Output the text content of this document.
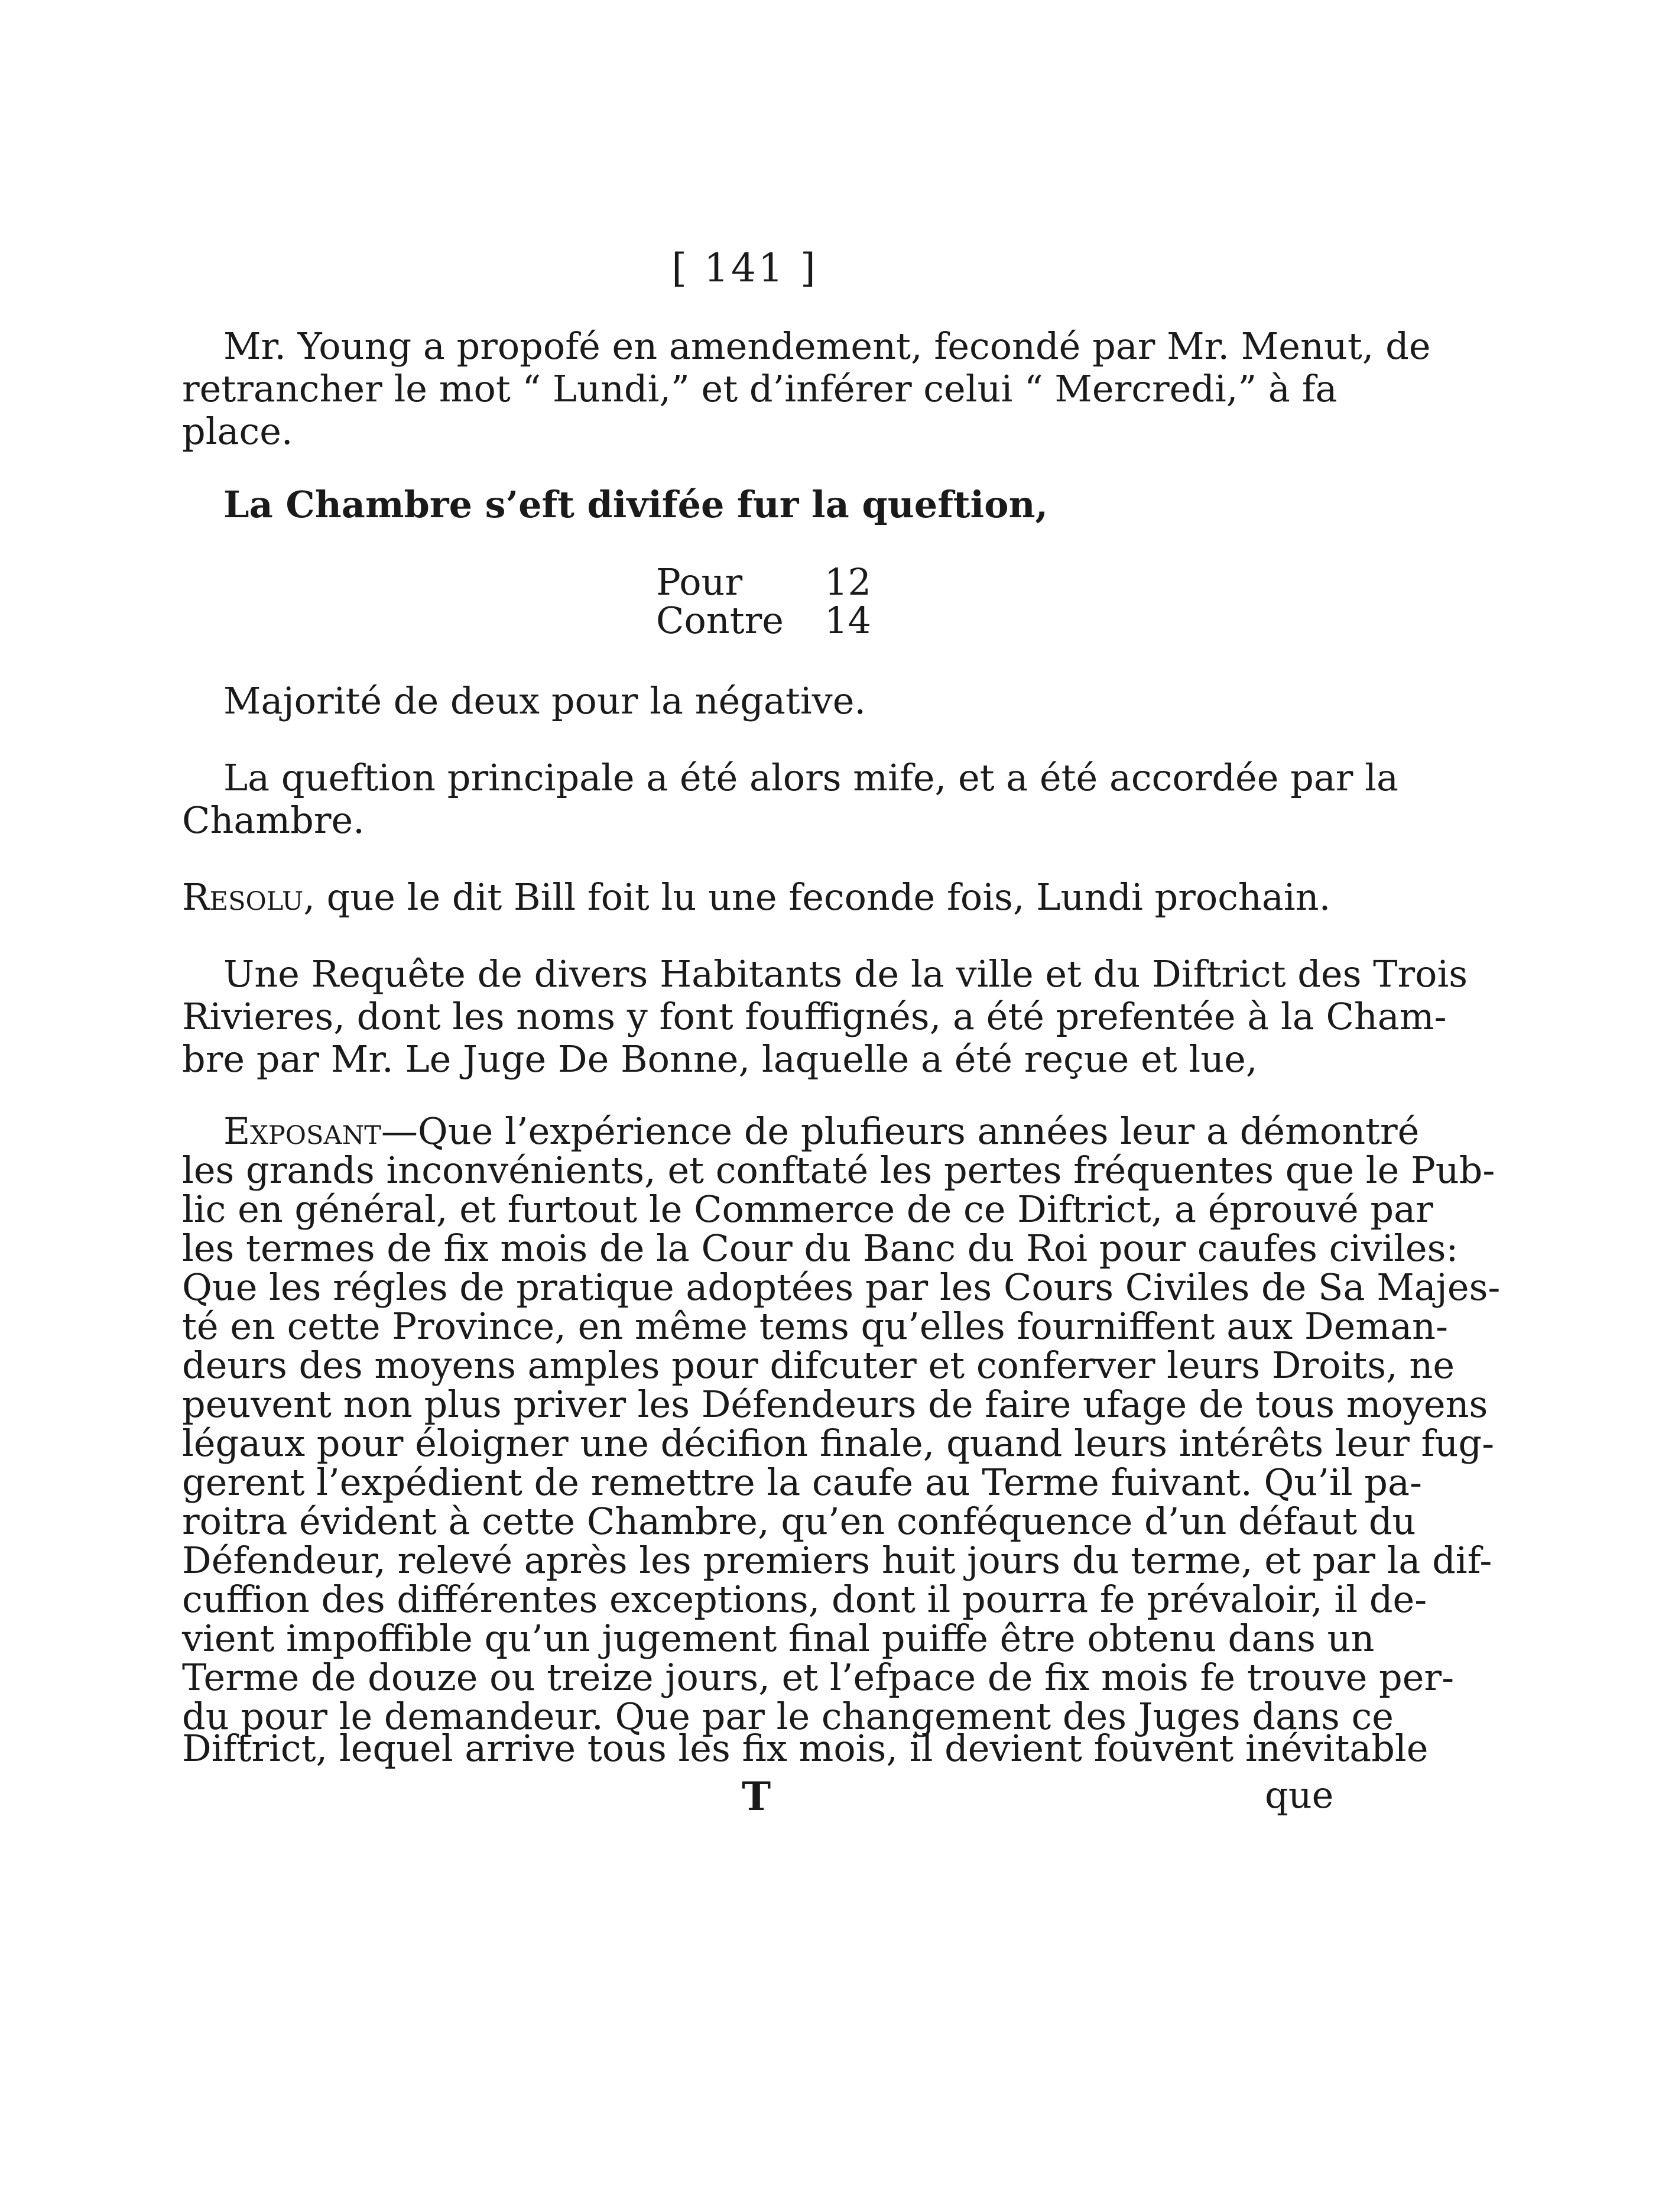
[ 141 ]
Mr. Young a propofé en amendement, fecondé par Mr. Menut, de
retrancher le mot “ Lundi,” et d’inférer celui “ Mercredi,” à fa
place.
La Chambre s’eft divifée fur la queftion,
Pour 12
Contre 14
Majorité de deux pour la négative.
La queftion principale a été alors mife, et a été accordée par la
Chambre.
Resolu, que le dit Bill foit lu une feconde fois, Lundi prochain.
Une Requête de divers Habitants de la ville et du Diftrict des Trois
Rivieres, dont les noms y font fouffignés, a été prefentée à la Cham-
bre par Mr. Le Juge De Bonne, laquelle a été reçue et lue,
Exposant—Que l’expérience de plufieurs années leur a démontré
les grands inconvénients, et conftaté les pertes fréquentes que le Pub-
lic en général, et furtout le Commerce de ce Diftrict, a éprouvé par
les termes de fix mois de la Cour du Banc du Roi pour caufes civiles:
Que les régles de pratique adoptées par les Cours Civiles de Sa Majes-
té en cette Province, en même tems qu’elles fourniffent aux Deman-
deurs des moyens amples pour difcuter et conferver leurs Droits, ne
peuvent non plus priver les Défendeurs de faire ufage de tous moyens
légaux pour éloigner une décifion finale, quand leurs intérêts leur fug-
gerent l’expédient de remettre la caufe au Terme fuivant. Qu’il pa-
roitra évident à cette Chambre, qu’en conféquence d’un défaut du
Défendeur, relevé après les premiers huit jours du terme, et par la dif-
cuffion des différentes exceptions, dont il pourra fe prévaloir, il de-
vient impoffible qu’un jugement final puiffe être obtenu dans un
Terme de douze ou treize jours, et l’efpace de fix mois fe trouve per-
du pour le demandeur. Que par le changement des Juges dans ce
Diftrict, lequel arrive tous les fix mois, il devient fouvent inévitable
T	que
